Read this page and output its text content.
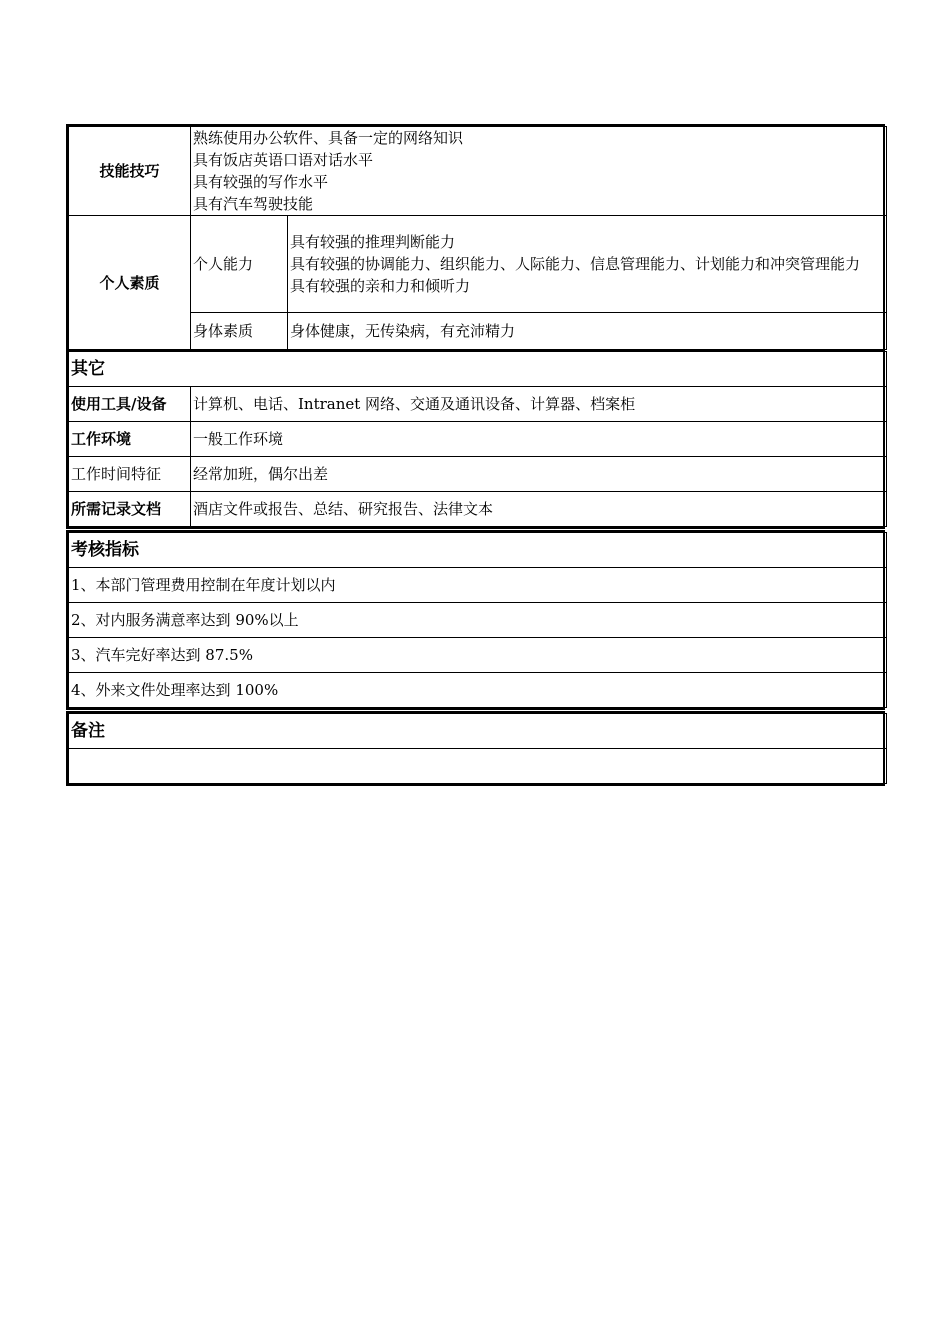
技能技巧	熟练使用办公软件、具备一定的网络知识
具有饭店英语口语对话水平
具有较强的写作水平
具有汽车驾驶技能	

个人素质	个人能力	具有较强的推理判断能力
具有较强的协调能力、组织能力、人际能力、信息管理能力、计划能力和冲突管理能力
具有较强的亲和力和倾听力

	身体素质	身体健康，无传染病，有充沛精力
其它	
使用工具/设备	计算机、电话、Intranet 网络、交通及通讯设备、计算器、档案柜
工作环境	一般工作环境
工作时间特征	经常加班，偶尔出差
所需记录文档	酒店文件或报告、总结、研究报告、法律文本
考核指标
1、本部门管理费用控制在年度计划以内
2、对内服务满意率达到 90%以上
3、汽车完好率达到 87.5%
4、外来文件处理率达到 100%
备注
